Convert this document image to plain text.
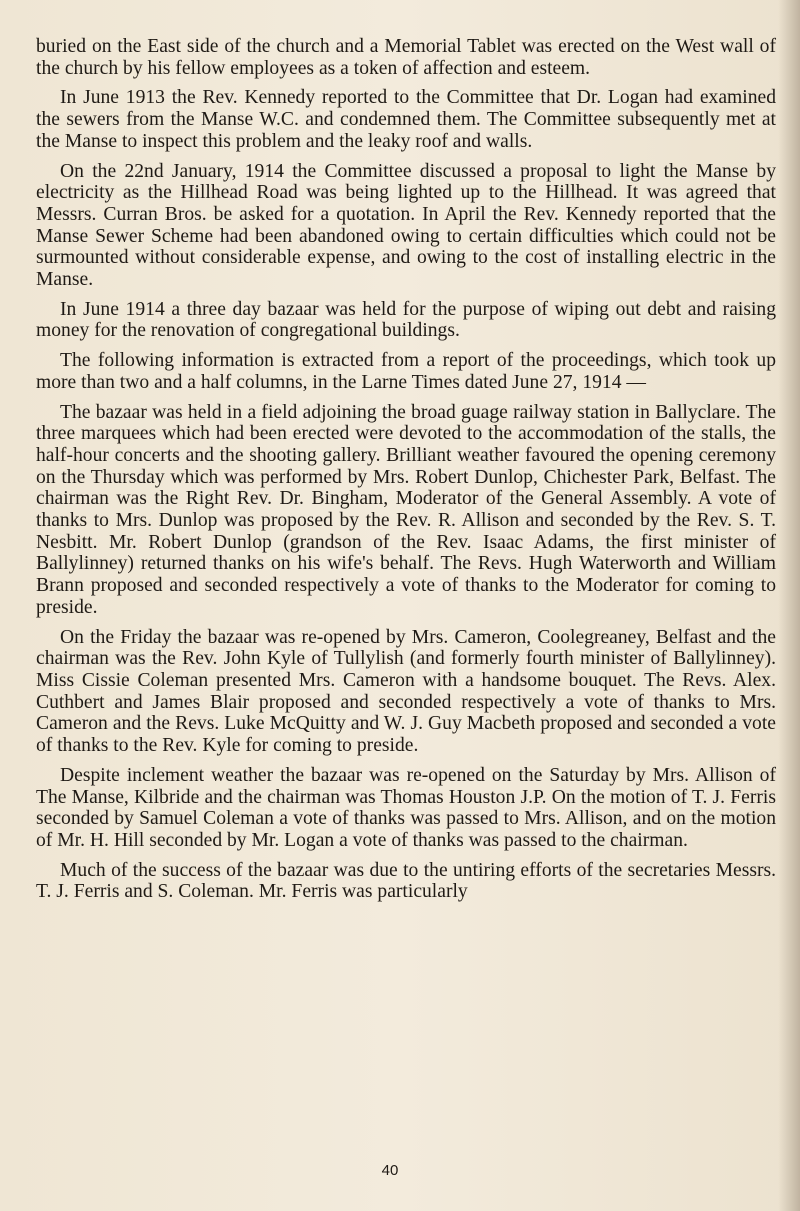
buried on the East side of the church and a Memorial Tablet was erected on the West wall of the church by his fellow employees as a token of affection and esteem.

In June 1913 the Rev. Kennedy reported to the Committee that Dr. Logan had examined the sewers from the Manse W.C. and condemned them. The Committee subsequently met at the Manse to inspect this problem and the leaky roof and walls.

On the 22nd January, 1914 the Committee discussed a proposal to light the Manse by electricity as the Hillhead Road was being lighted up to the Hillhead. It was agreed that Messrs. Curran Bros. be asked for a quotation. In April the Rev. Kennedy reported that the Manse Sewer Scheme had been abandoned owing to certain difficulties which could not be surmounted without considerable expense, and owing to the cost of installing electric in the Manse.

In June 1914 a three day bazaar was held for the purpose of wiping out debt and raising money for the renovation of congregational buildings.

The following information is extracted from a report of the proceedings, which took up more than two and a half columns, in the Larne Times dated June 27, 1914 —

The bazaar was held in a field adjoining the broad guage railway station in Ballyclare. The three marquees which had been erected were devoted to the accommodation of the stalls, the half-hour concerts and the shooting gallery. Brilliant weather favoured the opening ceremony on the Thursday which was performed by Mrs. Robert Dunlop, Chichester Park, Belfast. The chairman was the Right Rev. Dr. Bingham, Moderator of the General Assembly. A vote of thanks to Mrs. Dunlop was proposed by the Rev. R. Allison and seconded by the Rev. S. T. Nesbitt. Mr. Robert Dunlop (grandson of the Rev. Isaac Adams, the first minister of Ballylinney) returned thanks on his wife's behalf. The Revs. Hugh Waterworth and William Brann proposed and seconded respectively a vote of thanks to the Moderator for coming to preside.

On the Friday the bazaar was re-opened by Mrs. Cameron, Coolegreaney, Belfast and the chairman was the Rev. John Kyle of Tullylish (and formerly fourth minister of Ballylinney). Miss Cissie Coleman presented Mrs. Cameron with a handsome bouquet. The Revs. Alex. Cuthbert and James Blair proposed and seconded respectively a vote of thanks to Mrs. Cameron and the Revs. Luke McQuitty and W. J. Guy Macbeth proposed and seconded a vote of thanks to the Rev. Kyle for coming to preside.

Despite inclement weather the bazaar was re-opened on the Saturday by Mrs. Allison of The Manse, Kilbride and the chairman was Thomas Houston J.P. On the motion of T. J. Ferris seconded by Samuel Coleman a vote of thanks was passed to Mrs. Allison, and on the motion of Mr. H. Hill seconded by Mr. Logan a vote of thanks was passed to the chairman.

Much of the success of the bazaar was due to the untiring efforts of the secretaries Messrs. T. J. Ferris and S. Coleman. Mr. Ferris was particularly

40
